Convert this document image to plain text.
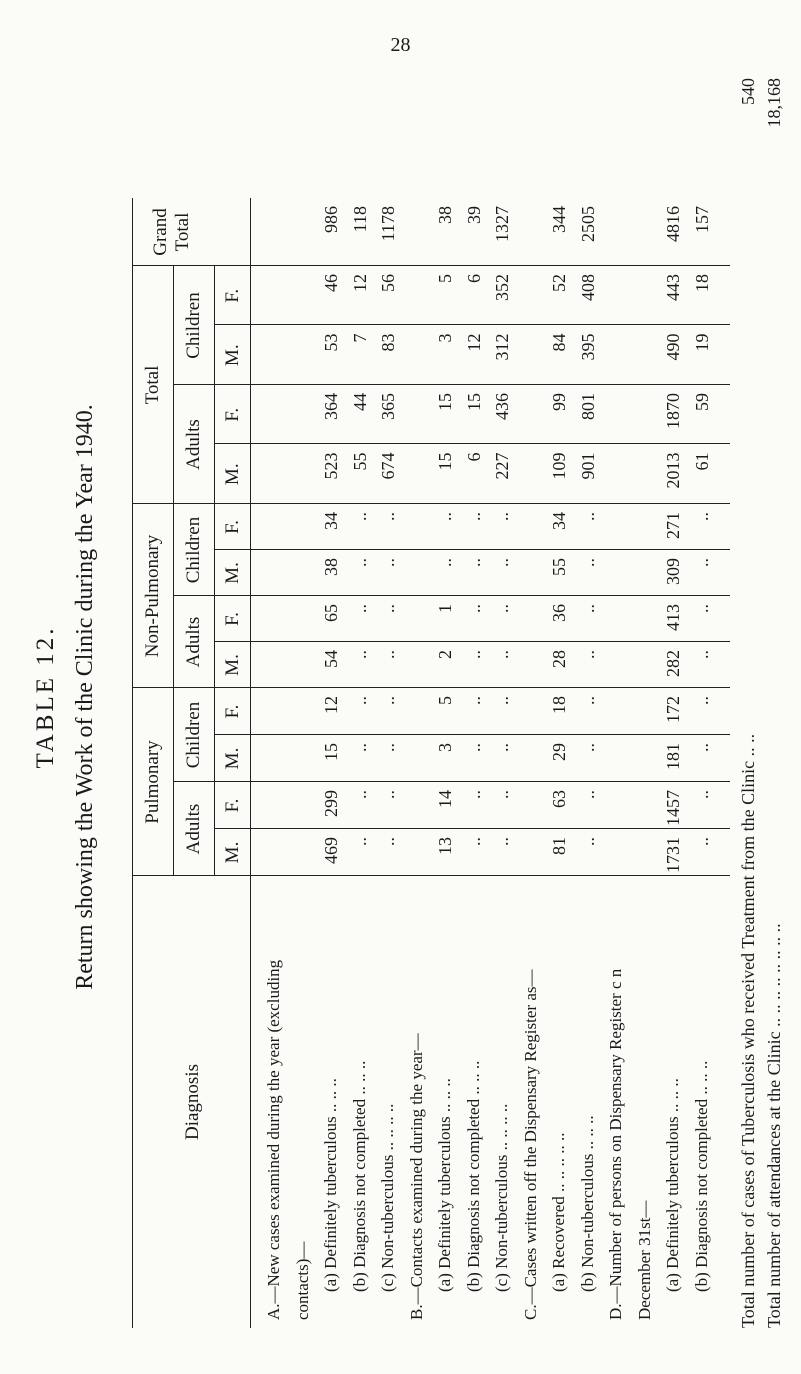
28
TABLE 12. Return showing the Work of the Clinic during the Year 1940.
Diagnosis
Pulmonary
Adults
Children
Non-Pulmonary Adults
Children
Total
Adults
Children
M.
F.
M.
F.
M.
F.
M.
F.
M.
F.
M.
F.
Grand Total
A.—New cases examined during the year (excluding contacts)— (a) Definitely tuberculous .. .. ..
469
299
15
12
54
65
38
34
523
364
53
46
986
(b) Diagnosis not completed .. .. ..
..
..
..
..
..
..
..
..
55
44
7
12
118
(c) Non-tuberculous .. .. .. ..
..
..
..
..
..
..
..
..
674
365
83
56
1178
B.—Contacts examined during the year— (a) Definitely tuberculous .. .. ..
13
14
3
5
2
1
..
..
15
15
3
5
38
(b) Diagnosis not completed .. .. ..
..
..
..
..
..
..
..
..
6
15
12
6
39
(c) Non-tuberculous .. .. .. ..
..
..
..
..
..
..
..
..
227
436
312
352
1327
C.—Cases written off the Dispensary Register as— (a) Recovered .. .. .. .. ..
81
63
29
18
28
36
55
34
109
99
84
52
344
(b) Non-tuberculous .. .. ..
..
..
..
..
..
..
..
..
901
801
395
408
2505
D.—Number of persons on Dispensary Register c n December 31st— (a) Definitely tuberculous .. .. ..
1731
1457
181
172
282
413
309
271
2013
1870
490
443
4816
(b) Diagnosis not completed .. .. ..
..
..
..
..
..
..
..
..
61
59
19
18
157
Total number of cases of Tuberculosis who received Treatment from the Clinic .. ..
540
Total number of attendances at the Clinic .. .. .. .. .. .. .. ..
18,168
